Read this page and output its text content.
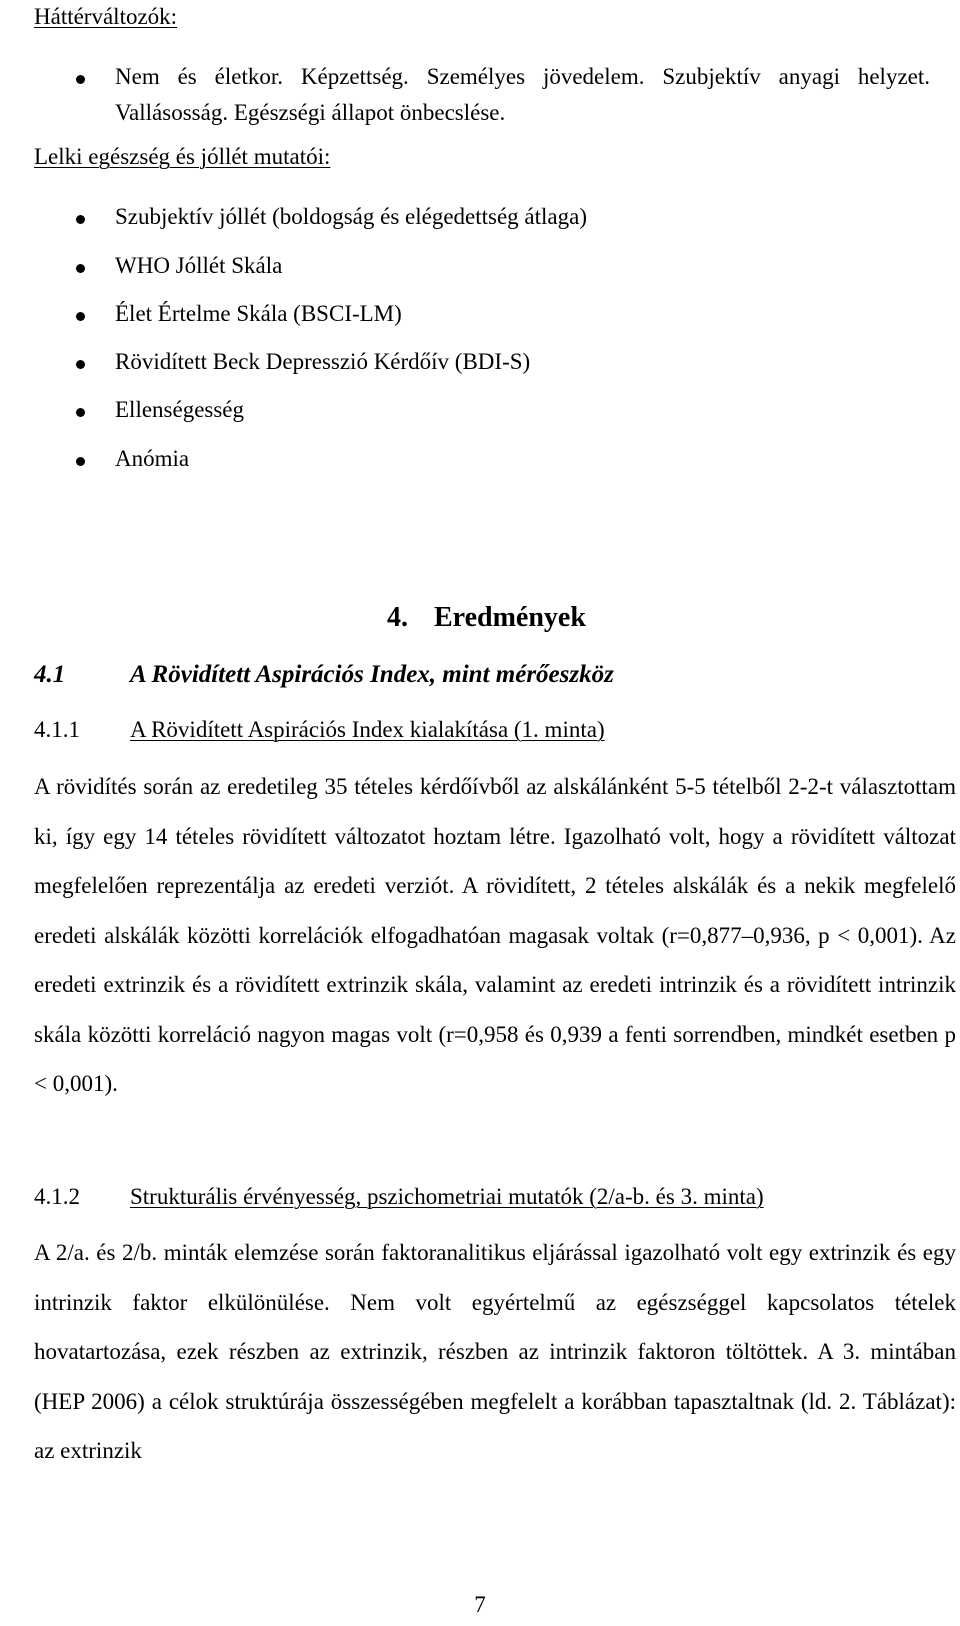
Háttérváltozók:
Nem és életkor. Képzettség. Személyes jövedelem. Szubjektív anyagi helyzet. Vallásosság. Egészségi állapot önbecslése.
Lelki egészség és jóllét mutatói:
Szubjektív jóllét (boldogság és elégedettség átlaga)
WHO Jóllét Skála
Élet Értelme Skála (BSCI-LM)
Rövidített Beck Depresszió Kérdőív (BDI-S)
Ellenségesség
Anómia
4. Eredmények
4.1	A Rövidített Aspirációs Index, mint mérőeszköz
4.1.1 A Rövidített Aspirációs Index kialakítása (1. minta)

A rövidítés során az eredetileg 35 tételes kérdőívből az alskálánként 5-5 tételből 2-2-t választottam ki, így egy 14 tételes rövidített változatot hoztam létre. Igazolható volt, hogy a rövidített változat megfelelően reprezentálja az eredeti verziót. A rövidített, 2 tételes alskálák és a nekik megfelelő eredeti alskálák közötti korrelációk elfogadhatóan magasak voltak (r=0,877–0,936, p < 0,001). Az eredeti extrinzik és a rövidített extrinzik skála, valamint az eredeti intrinzik és a rövidített intrinzik skála közötti korreláció nagyon magas volt (r=0,958 és 0,939 a fenti sorrendben, mindkét esetben p < 0,001).

4.1.2 Strukturális érvényesség, pszichometriai mutatók (2/a-b. és 3. minta)

A 2/a. és 2/b. minták elemzése során faktoranalitikus eljárással igazolható volt egy extrinzik és egy intrinzik faktor elkülönülése. Nem volt egyértelmű az egészséggel kapcsolatos tételek hovatartozása, ezek részben az extrinzik, részben az intrinzik faktoron töltöttek. A 3. mintában (HEP 2006) a célok struktúrája összességében megfelelt a korábban tapasztaltnak (ld. 2. Táblázat): az extrinzik

7
